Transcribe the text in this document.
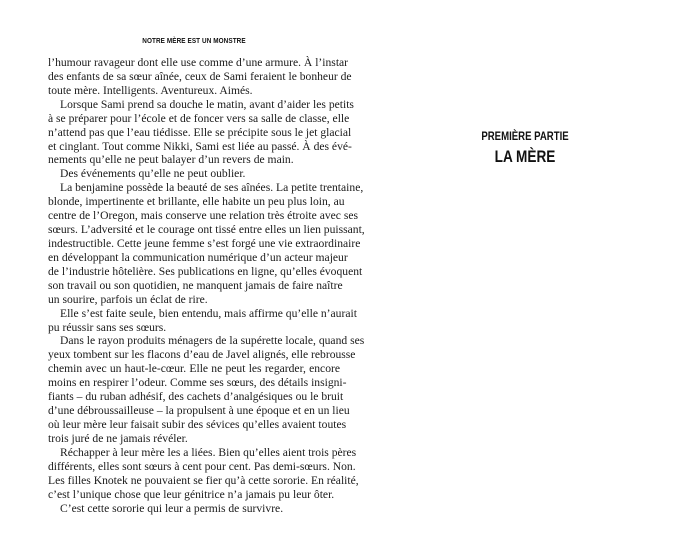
NOTRE MÈRE EST UN MONSTRE
l’humour ravageur dont elle use comme d’une armure. À l’instar
des enfants de sa sœur aînée, ceux de Sami feraient le bonheur de
toute mère. Intelligents. Aventureux. Aimés.
Lorsque Sami prend sa douche le matin, avant d’aider les petits
à se préparer pour l’école et de foncer vers sa salle de classe, elle
n’attend pas que l’eau tiédisse. Elle se précipite sous le jet glacial
et cinglant. Tout comme Nikki, Sami est liée au passé. À des évé-
nements qu’elle ne peut balayer d’un revers de main.
Des événements qu’elle ne peut oublier.
La benjamine possède la beauté de ses aînées. La petite trentaine,
blonde, impertinente et brillante, elle habite un peu plus loin, au
centre de l’Oregon, mais conserve une relation très étroite avec ses
sœurs. L’adversité et le courage ont tissé entre elles un lien puissant,
indestructible. Cette jeune femme s’est forgé une vie extraordinaire
en développant la communication numérique d’un acteur majeur
de l’industrie hôtelière. Ses publications en ligne, qu’elles évoquent
son travail ou son quotidien, ne manquent jamais de faire naître
un sourire, parfois un éclat de rire.
Elle s’est faite seule, bien entendu, mais affirme qu’elle n’aurait
pu réussir sans ses sœurs.
Dans le rayon produits ménagers de la supérette locale, quand ses
yeux tombent sur les flacons d’eau de Javel alignés, elle rebrousse
chemin avec un haut-le-cœur. Elle ne peut les regarder, encore
moins en respirer l’odeur. Comme ses sœurs, des détails insigni-
fiants – du ruban adhésif, des cachets d’analgésiques ou le bruit
d’une débroussailleuse – la propulsent à une époque et en un lieu
où leur mère leur faisait subir des sévices qu’elles avaient toutes
trois juré de ne jamais révéler.
Réchapper à leur mère les a liées. Bien qu’elles aient trois pères
différents, elles sont sœurs à cent pour cent. Pas demi-sœurs. Non.
Les filles Knotek ne pouvaient se fier qu’à cette sororie. En réalité,
c’est l’unique chose que leur génitrice n’a jamais pu leur ôter.
C’est cette sororie qui leur a permis de survivre.
PREMIÈRE PARTIE
LA MÈRE
